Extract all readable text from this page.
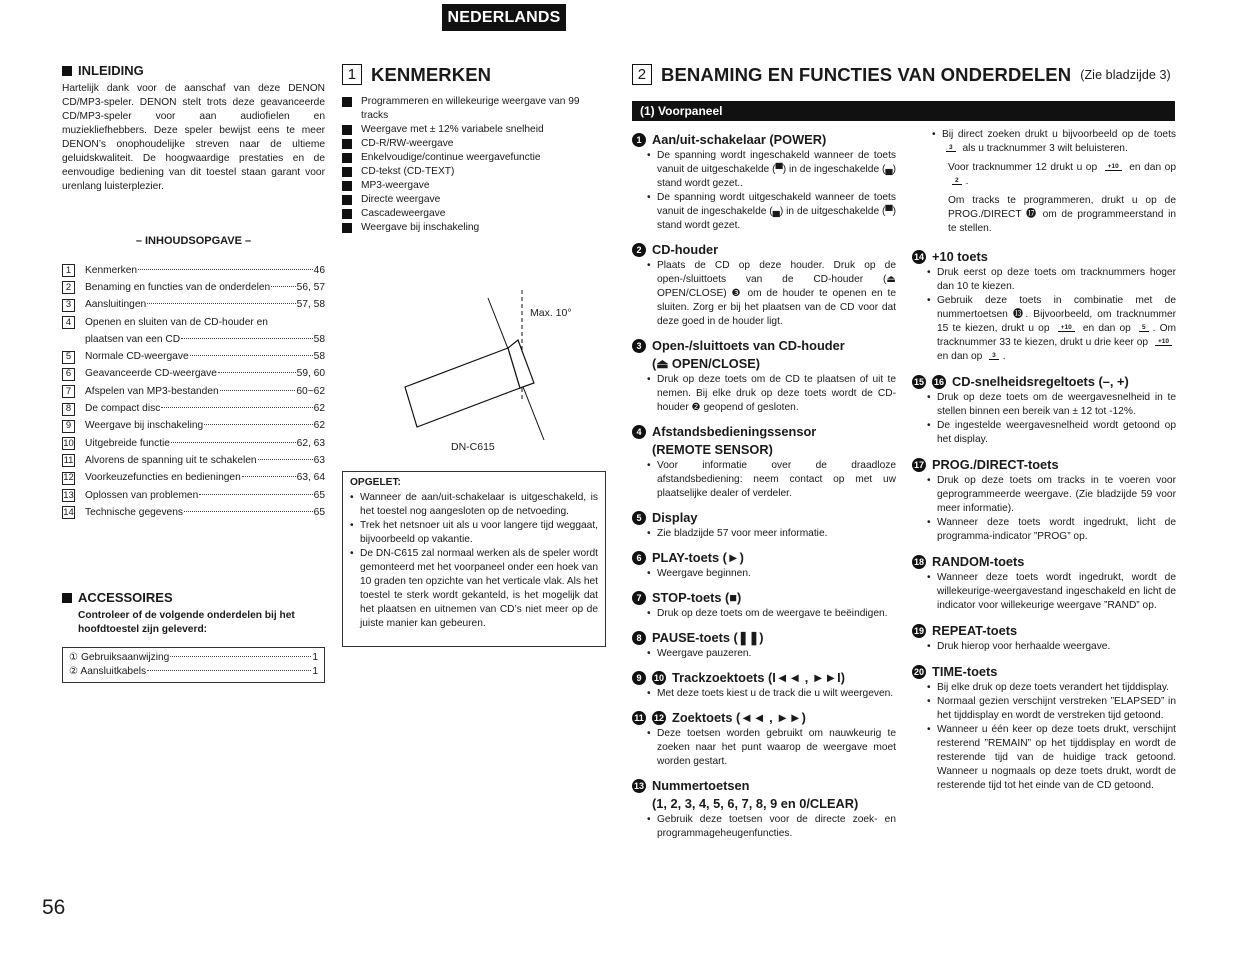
NEDERLANDS
INLEIDING

Hartelijk dank voor de aanschaf van deze DENON CD/MP3-speler. DENON stelt trots deze geavanceerde CD/MP3-speler voor aan audiofielen en muziekliefhebbers. Deze speler bewijst eens te meer DENON’s onophoudelijke streven naar de ultieme geluidskwaliteit. De hoogwaardige prestaties en de eenvoudige bediening van dit toestel staan garant voor urenlang luisterplezier.

– INHOUDSOPGAVE –
1	Kenmerken	46
2	Benaming en functies van de onderdelen	56, 57
3	Aansluitingen	57, 58
4	Openen en sluiten van de CD-houder en
plaatsen van een CD	58
5	Normale CD-weergave	58
6	Geavanceerde CD-weergave	59, 60
7	Afspelen van MP3-bestanden	60~62
8	De compact disc	62
9	Weergave bij inschakeling	62
10 Uitgebreide functie	62, 63
11 Alvorens de spanning uit te schakelen	63
12 Voorkeuzefuncties en bedieningen	63, 64
13 Oplossen van problemen	65
14 Technische gegevens	65
ACCESSOIRES

Controleer of de volgende onderdelen bij het hoofdtoestel zijn geleverd:

① Gebruiksaanwijzing	1
② Aansluitkabels	1
1 KENMERKEN
Programmeren en willekeurige weergave van 99 tracks
Weergave met ± 12% variabele snelheid
CD-R/RW-weergave
Enkelvoudige/continue weergavefunctie
CD-tekst (CD-TEXT)
MP3-weergave
Directe weergave
Cascadeweergave
Weergave bij inschakeling
Max. 10°
DN-C615
OPGELET:
• Wanneer de aan/uit-schakelaar is uitgeschakeld, is het toestel nog aangesloten op de netvoeding.
• Trek het netsnoer uit als u voor langere tijd weggaat, bijvoorbeeld op vakantie.
• De DN-C615 zal normaal werken als de speler wordt gemonteerd met het voorpaneel onder een hoek van 10 graden ten opzichte van het verticale vlak. Als het toestel te sterk wordt gekanteld, is het mogelijk dat het plaatsen en uitnemen van CD’s niet meer op de juiste manier kan gebeuren.
2 BENAMING EN FUNCTIES VAN ONDERDELEN (Zie bladzijde 3)
(1) Voorpaneel
1 Aan/uit-schakelaar (POWER)
• De spanning wordt ingeschakeld wanneer de toets vanuit de uitgeschakelde (▀) in de ingeschakelde (▄) stand wordt gezet..
• De spanning wordt uitgeschakeld wanneer de toets vanuit de ingeschakelde (▄) in de uitgeschakelde (▀) stand wordt gezet.
2 CD-houder
• Plaats de CD op deze houder. Druk op de open-/sluittoets van de CD-houder (⏏ OPEN/CLOSE) ❸ om de houder te openen en te sluiten. Zorg er bij het plaatsen van de CD voor dat deze goed in de houder ligt.
3 Open-/sluittoets van CD-houder
(⏏ OPEN/CLOSE)
• Druk op deze toets om de CD te plaatsen of uit te nemen. Bij elke druk op deze toets wordt de CD-houder ❷ geopend of gesloten.
4 Afstandsbedieningssensor
(REMOTE SENSOR)
• Voor informatie over de draadloze afstandsbediening: neem contact op met uw plaatselijke dealer of verdeler.
5 Display
• Zie bladzijde 57 voor meer informatie.
6 PLAY-toets (►)
• Weergave beginnen.
7 STOP-toets (■)
• Druk op deze toets om de weergave te beëindigen.
8 PAUSE-toets (❚❚)
• Weergave pauzeren.
9	10 Trackzoektoets (I◄◄ , ►►I)
• Met deze toets kiest u de track die u wilt weergeven.
11 12 Zoektoets (◄◄ , ►►)
• Deze toetsen worden gebruikt om nauwkeurig te zoeken naar het punt waarop de weergave moet worden gestart.
13 Nummertoetsen
(1, 2, 3, 4, 5, 6, 7, 8, 9 en 0/CLEAR)
• Gebruik deze toetsen voor de directe zoek- en programmageheugenfuncties.
• Bij direct zoeken drukt u bijvoorbeeld op de toets 3 als u tracknummer 3 wilt beluisteren.

Voor tracknummer 12 drukt u op +10 en dan op 2 .

Om tracks te programmeren, drukt u op de PROG./DIRECT ⓱ om de programmeerstand in te stellen.

14 +10 toets
• Druk eerst op deze toets om tracknummers hoger dan 10 te kiezen.
• Gebruik deze toets in combinatie met de nummertoetsen ⓭. Bijvoorbeeld, om tracknummer 15 te kiezen, drukt u op +10 en dan op 5 . Om tracknummer 33 te kiezen, drukt u drie keer op +10 en dan op 3 .
15 16 CD-snelheidsregeltoets (–, +)
• Druk op deze toets om de weergavesnelheid in te stellen binnen een bereik van ± 12 tot -12%.
• De ingestelde weergavesnelheid wordt getoond op het display.
17 PROG./DIRECT-toets
• Druk op deze toets om tracks in te voeren voor geprogrammeerde weergave. (Zie bladzijde 59 voor meer informatie).
• Wanneer deze toets wordt ingedrukt, licht de programma-indicator ”PROG” op.
18 RANDOM-toets
• Wanneer deze toets wordt ingedrukt, wordt de willekeurige-weergavestand ingeschakeld en licht de indicator voor willekeurige weergave ”RAND” op.
19 REPEAT-toets
• Druk hierop voor herhaalde weergave.
20 TIME-toets
• Bij elke druk op deze toets verandert het tijddisplay.
• Normaal gezien verschijnt verstreken ”ELAPSED” in het tijddisplay en wordt de verstreken tijd getoond.
• Wanneer u één keer op deze toets drukt, verschijnt resterend ”REMAIN” op het tijddisplay en wordt de resterende tijd van de huidige track getoond. Wanneer u nogmaals op deze toets drukt, wordt de resterende tijd tot het einde van de CD getoond.
56
